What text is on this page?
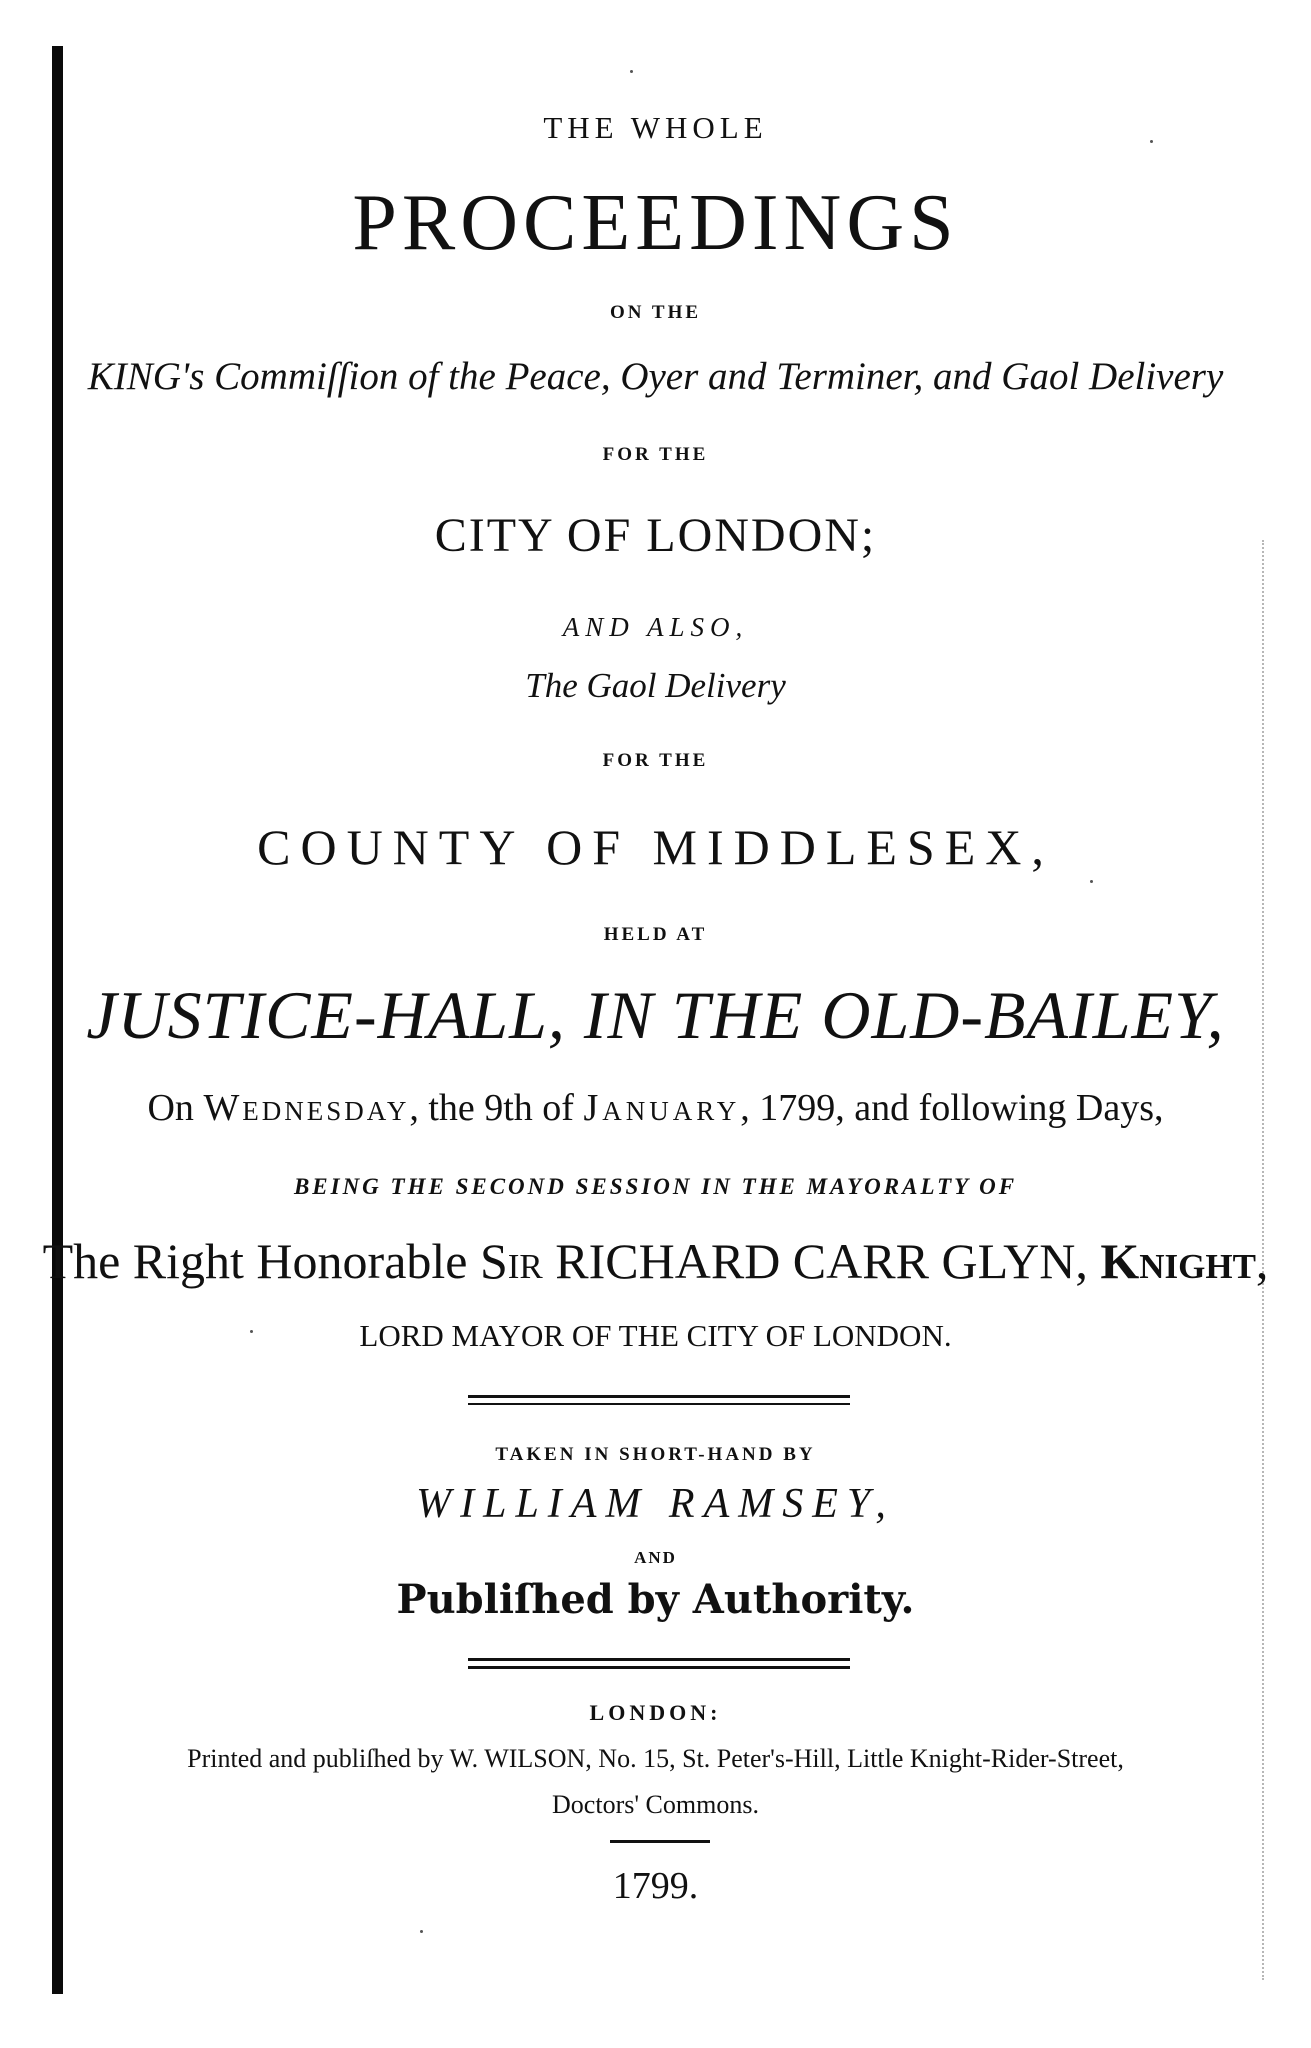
THE WHOLE
PROCEEDINGS
ON THE
KING's Commiſſion of the Peace, Oyer and Terminer, and Gaol Delivery
FOR THE
CITY OF LONDON;
AND ALSO,
The Gaol Delivery
FOR THE
COUNTY OF MIDDLESEX,
HELD AT
JUSTICE-HALL, IN THE OLD-BAILEY,
On Wednesday, the 9th of January, 1799, and following Days,
BEING THE SECOND SESSION IN THE MAYORALTY OF
The Right Honorable Sir RICHARD CARR GLYN, Knight,
LORD MAYOR OF THE CITY OF LONDON.
TAKEN IN SHORT-HAND BY
WILLIAM RAMSEY,
AND
Publiſhed by Authority.
LONDON:
Printed and publiſhed by W. WILSON, No. 15, St. Peter's-Hill, Little Knight-Rider-Street,
Doctors' Commons.
1799.
